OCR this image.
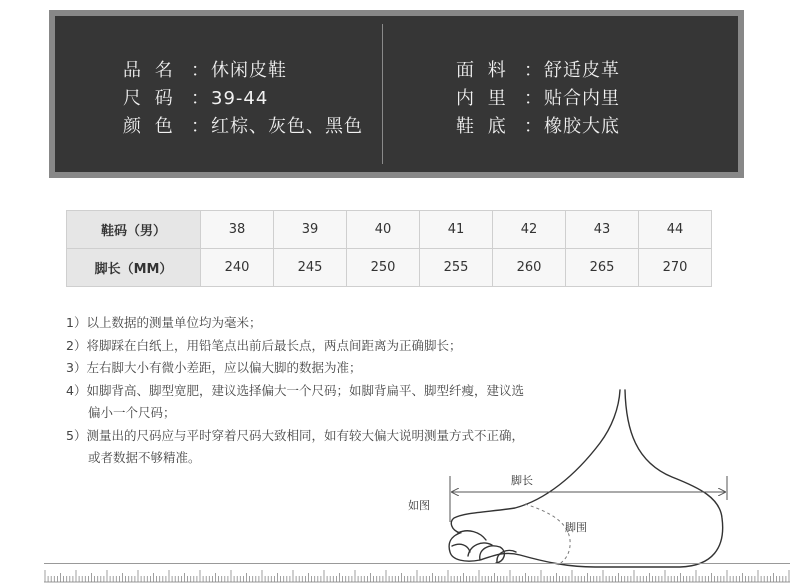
品 名 ： 休闲皮鞋
尺 码 ： 39-44
颜 色 ： 红棕、灰色、黑色
面 料 ： 舒适皮革
内 里 ： 贴合内里
鞋 底 ： 橡胶大底
鞋码（男）	38	39	40	41	42	43	44
脚长（MM）	240	245	250	255	260	265	270
1）以上数据的测量单位均为毫米；
2）将脚踩在白纸上，用铅笔点出前后最长点，两点间距离为正确脚长；
3）左右脚大小有微小差距，应以偏大脚的数据为准；
4）如脚背高、脚型宽肥，建议选择偏大一个尺码；如脚背扁平、脚型纤瘦，建议选
偏小一个尺码；
5）测量出的尺码应与平时穿着尺码大致相同，如有较大偏大说明测量方式不正确，
或者数据不够精准。
脚长
如图
脚围
